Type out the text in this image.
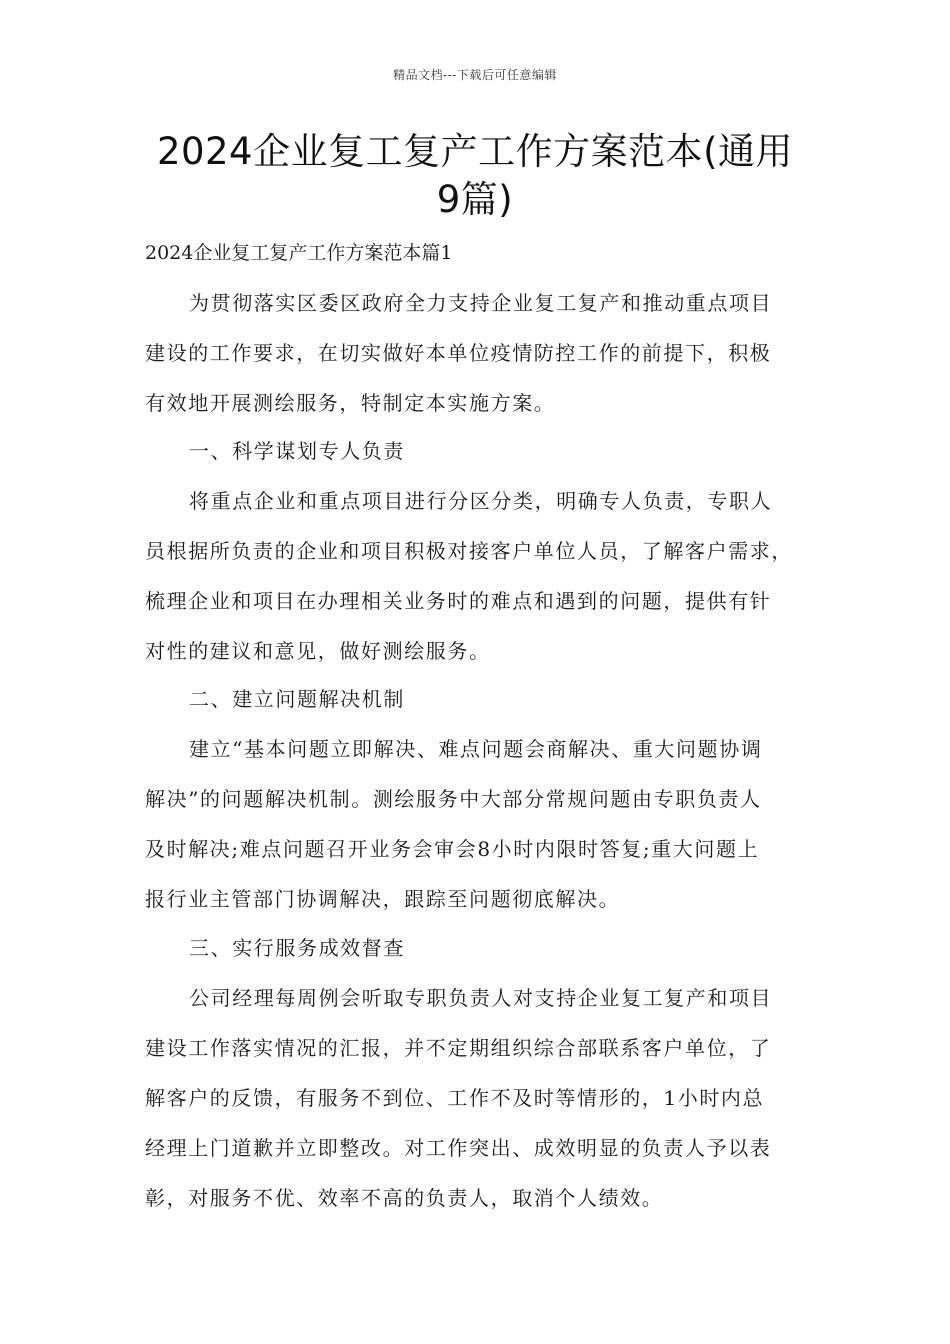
精品文档---下载后可任意编辑
2024企业复工复产工作方案范本(通用
9篇)
2024企业复工复产工作方案范本篇1
为贯彻落实区委区政府全力支持企业复工复产和推动重点项目
建设的工作要求，在切实做好本单位疫情防控工作的前提下，积极
有效地开展测绘服务，特制定本实施方案。
一、科学谋划专人负责
将重点企业和重点项目进行分区分类，明确专人负责，专职人
员根据所负责的企业和项目积极对接客户单位人员，了解客户需求，
梳理企业和项目在办理相关业务时的难点和遇到的问题，提供有针
对性的建议和意见，做好测绘服务。
二、建立问题解决机制
建立“基本问题立即解决、难点问题会商解决、重大问题协调
解决”的问题解决机制。测绘服务中大部分常规问题由专职负责人
及时解决;难点问题召开业务会审会8小时内限时答复;重大问题上
报行业主管部门协调解决，跟踪至问题彻底解决。
三、实行服务成效督查
公司经理每周例会听取专职负责人对支持企业复工复产和项目
建设工作落实情况的汇报，并不定期组织综合部联系客户单位，了
解客户的反馈，有服务不到位、工作不及时等情形的，1小时内总
经理上门道歉并立即整改。对工作突出、成效明显的负责人予以表
彰，对服务不优、效率不高的负责人，取消个人绩效。
